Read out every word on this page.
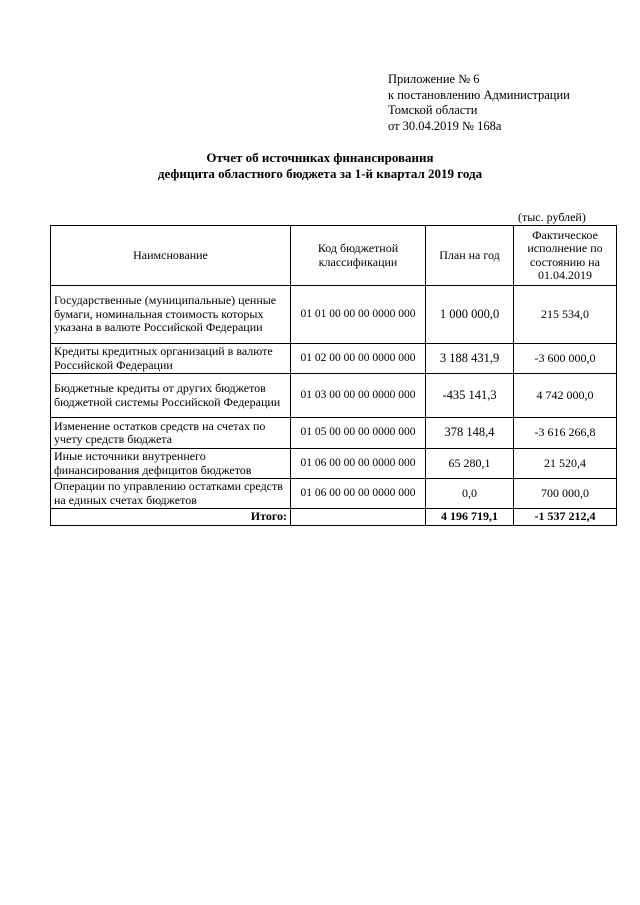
Приложение № 6
к постановлению Администрации
Томской области
от 30.04.2019 № 168а
Отчет об источниках финансирования
дефицита областного бюджета за 1-й квартал 2019 года
(тыс. рублей)
Наимснование	Код бюджетной классификации	План на год	Фактическое исполнение по состоянию на 01.04.2019
Государственные (муниципальные) ценные бумаги, номинальная стоимость которых указана в валюте Российской Федерации	01 01 00 00 00 0000 000	1 000 000,0	215 534,0
Кредиты кредитных организаций в валюте Российской Федерации	01 02 00 00 00 0000 000	3 188 431,9	-3 600 000,0
Бюджетные кредиты от других бюджетов бюджетной системы Российской Федерации	01 03 00 00 00 0000 000	-435 141,3	4 742 000,0
Изменение остатков средств на счетах по учету средств бюджета	01 05 00 00 00 0000 000	378 148,4	-3 616 266,8
Иные источники внутреннего финансирования дефицитов бюджетов	01 06 00 00 00 0000 000	65 280,1	21 520,4
Операции по управлению остатками средств на единых счетах бюджетов	01 06 00 00 00 0000 000	0,0	700 000,0
Итого:		4 196 719,1	-1 537 212,4
